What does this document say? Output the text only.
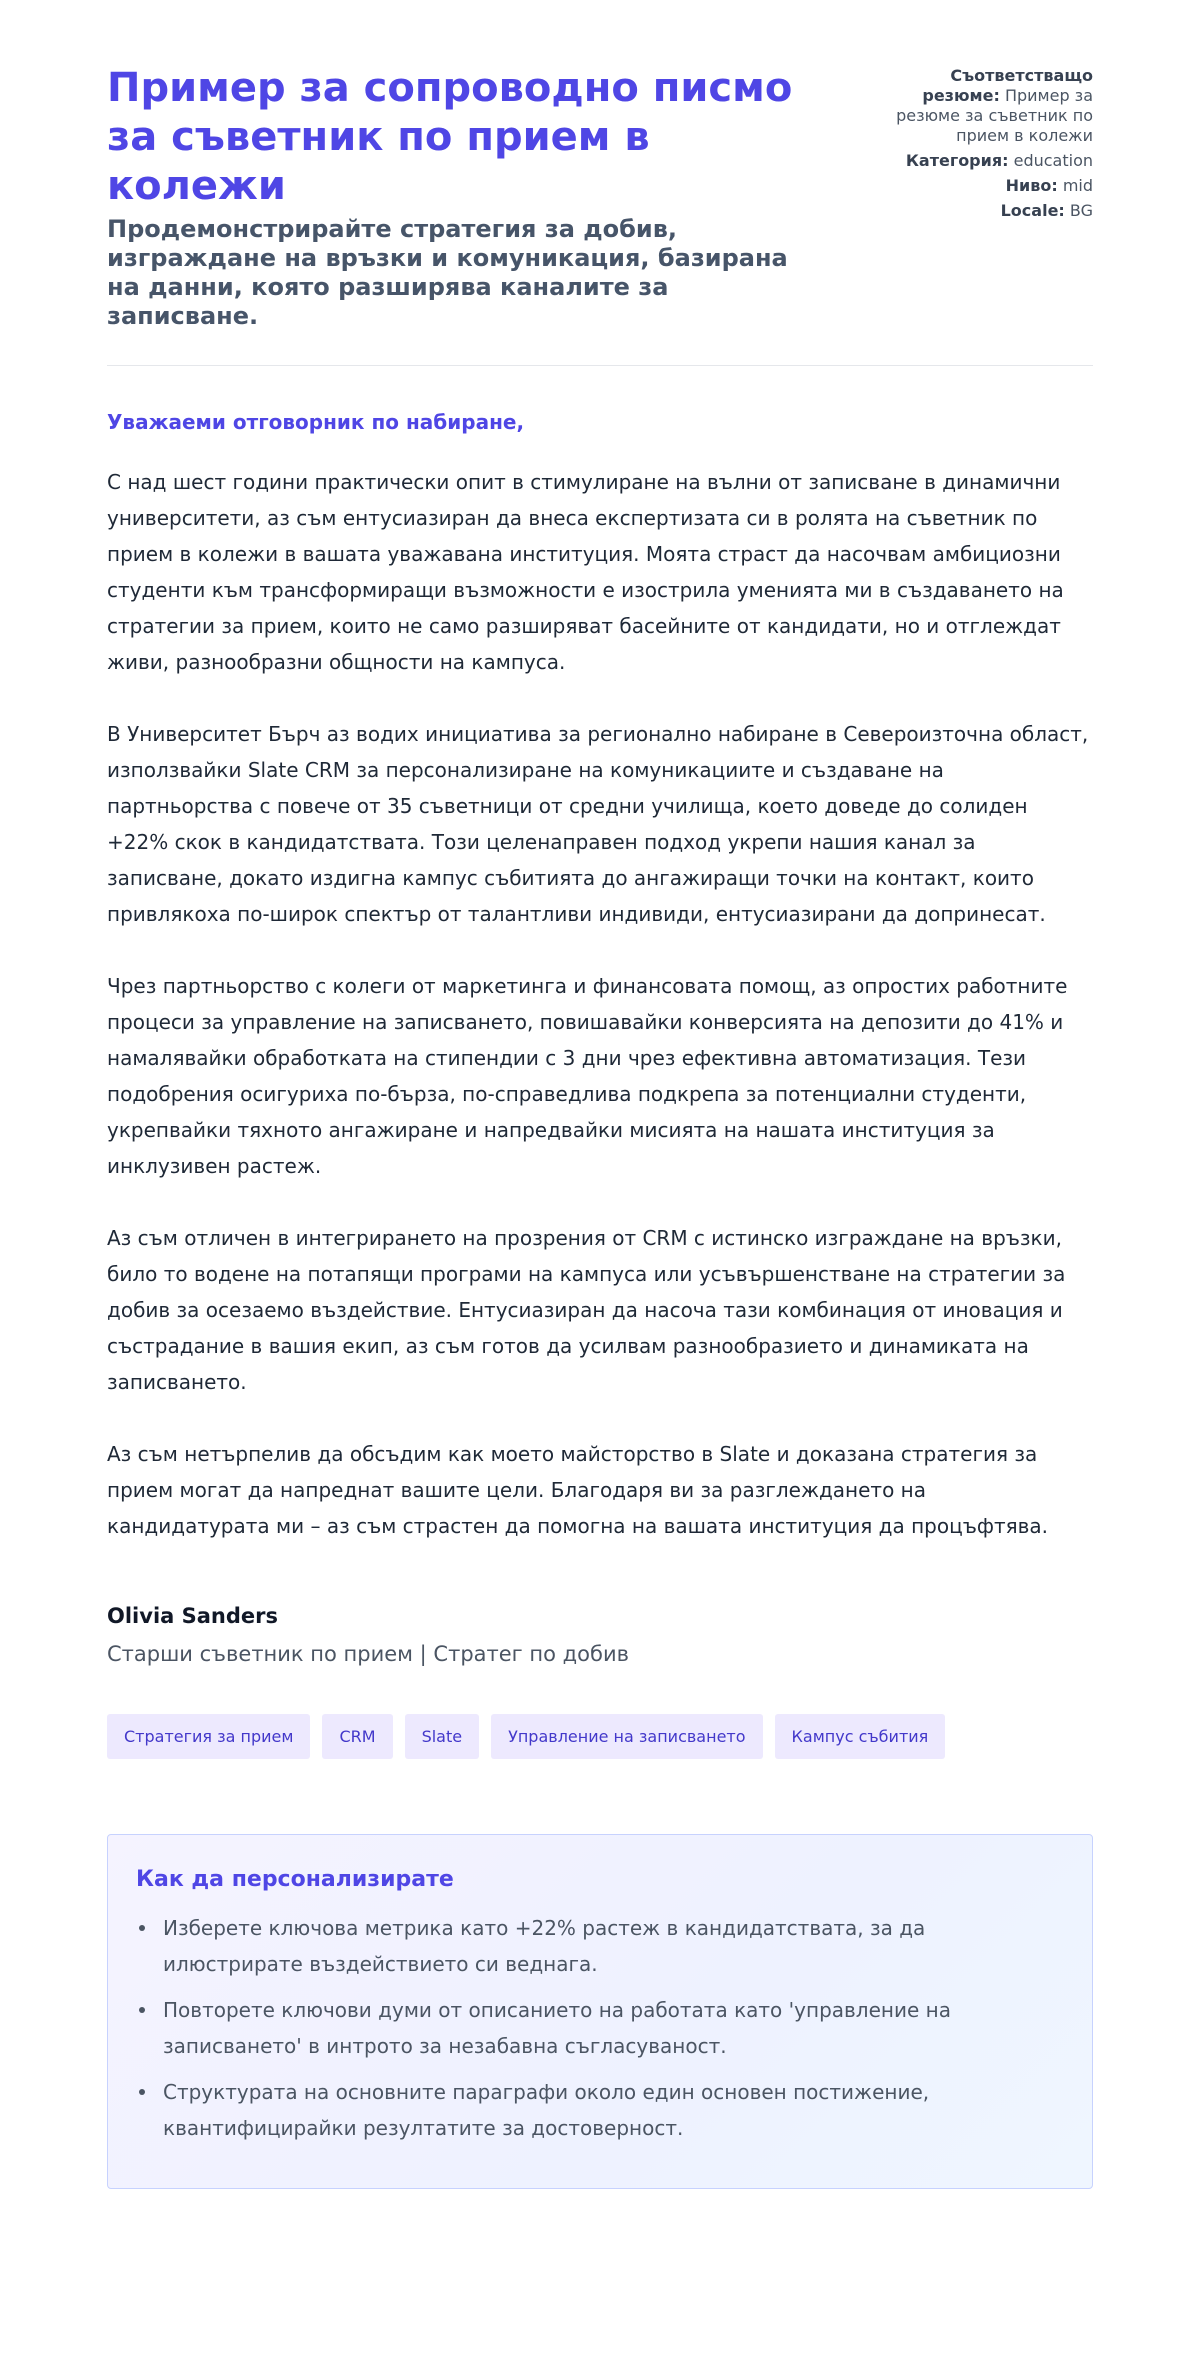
Пример за сопроводно писмо за съветник по прием в колежи
Продемонстрирайте стратегия за добив, изграждане на връзки и комуникация, базирана на данни, която разширява каналите за записване.
Съответстващо резюме: Пример за резюме за съветник по прием в колежи
Категория: education
Ниво: mid
Locale: BG
Уважаеми отговорник по набиране,

С над шест години практически опит в стимулиране на вълни от записване в динамични университети, аз съм ентусиазиран да внеса експертизата си в ролята на съветник по прием в колежи в вашата уважавана институция. Моята страст да насочвам амбициозни студенти към трансформиращи възможности е изострила уменията ми в създаването на стратегии за прием, които не само разширяват басейните от кандидати, но и отглеждат живи, разнообразни общности на кампуса.

В Университет Бърч аз водих инициатива за регионално набиране в Североизточна област, използвайки Slate CRM за персонализиране на комуникациите и създаване на партньорства с повече от 35 съветници от средни училища, което доведе до солиден +22% скок в кандидатствата. Този целенаправен подход укрепи нашия канал за записване, докато издигна кампус събитията до ангажиращи точки на контакт, които привлякоха по-широк спектър от талантливи индивиди, ентусиазирани да допринесат.

Чрез партньорство с колеги от маркетинга и финансовата помощ, аз опростих работните процеси за управление на записването, повишавайки конверсията на депозити до 41% и намалявайки обработката на стипендии с 3 дни чрез ефективна автоматизация. Тези подобрения осигуриха по-бърза, по-справедлива подкрепа за потенциални студенти, укрепвайки тяхното ангажиране и напредвайки мисията на нашата институция за инклузивен растеж.

Аз съм отличен в интегрирането на прозрения от CRM с истинско изграждане на връзки, било то водене на потапящи програми на кампуса или усъвършенстване на стратегии за добив за осезаемо въздействие. Ентусиазиран да насоча тази комбинация от иновация и състрадание в вашия екип, аз съм готов да усилвам разнообразието и динамиката на записването.

Аз съм нетърпелив да обсъдим как моето майсторство в Slate и доказана стратегия за прием могат да напреднат вашите цели. Благодаря ви за разглеждането на кандидатурата ми – аз съм страстен да помогна на вашата институция да процъфтява.

Olivia Sanders
Старши съветник по прием | Стратег по добив
Стратегия за прием	CRM	Slate	Управление на записването	Кампус събития
Как да персонализирате
Изберете ключова метрика като +22% растеж в кандидатствата, за да илюстрирате въздействието си веднага.
Повторете ключови думи от описанието на работата като 'управление на записването' в интрото за незабавна съгласуваност.
Структурата на основните параграфи около един основен постижение, квантифицирайки резултатите за достоверност.
